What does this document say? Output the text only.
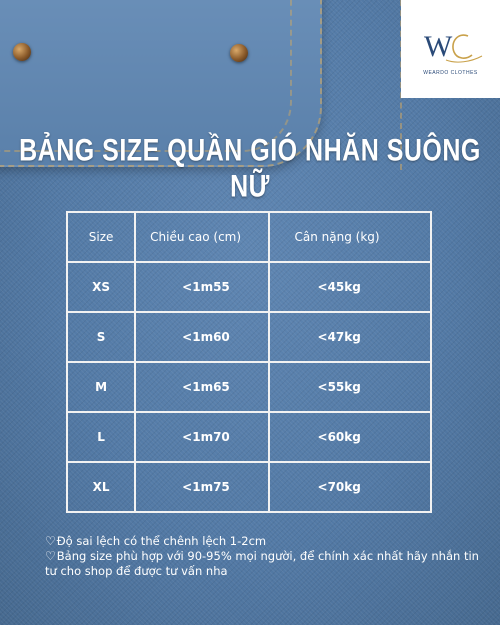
W
WEARDO CLOTHES
BẢNG SIZE QUẦN GIÓ NHĂN SUÔNG NỮ
Size	Chiều cao (cm)	Cân nặng (kg)

XS	<1m55	<45kg

S	<1m60	<47kg

M	<1m65	<55kg

L	<1m70	<60kg

XL	<1m75	<70kg
♡Độ sai lệch có thể chênh lệch 1-2cm
♡Bảng size phù hợp với 90-95% mọi người, để chính xác nhất hãy nhắn tin tư cho shop để được tư vấn nha
